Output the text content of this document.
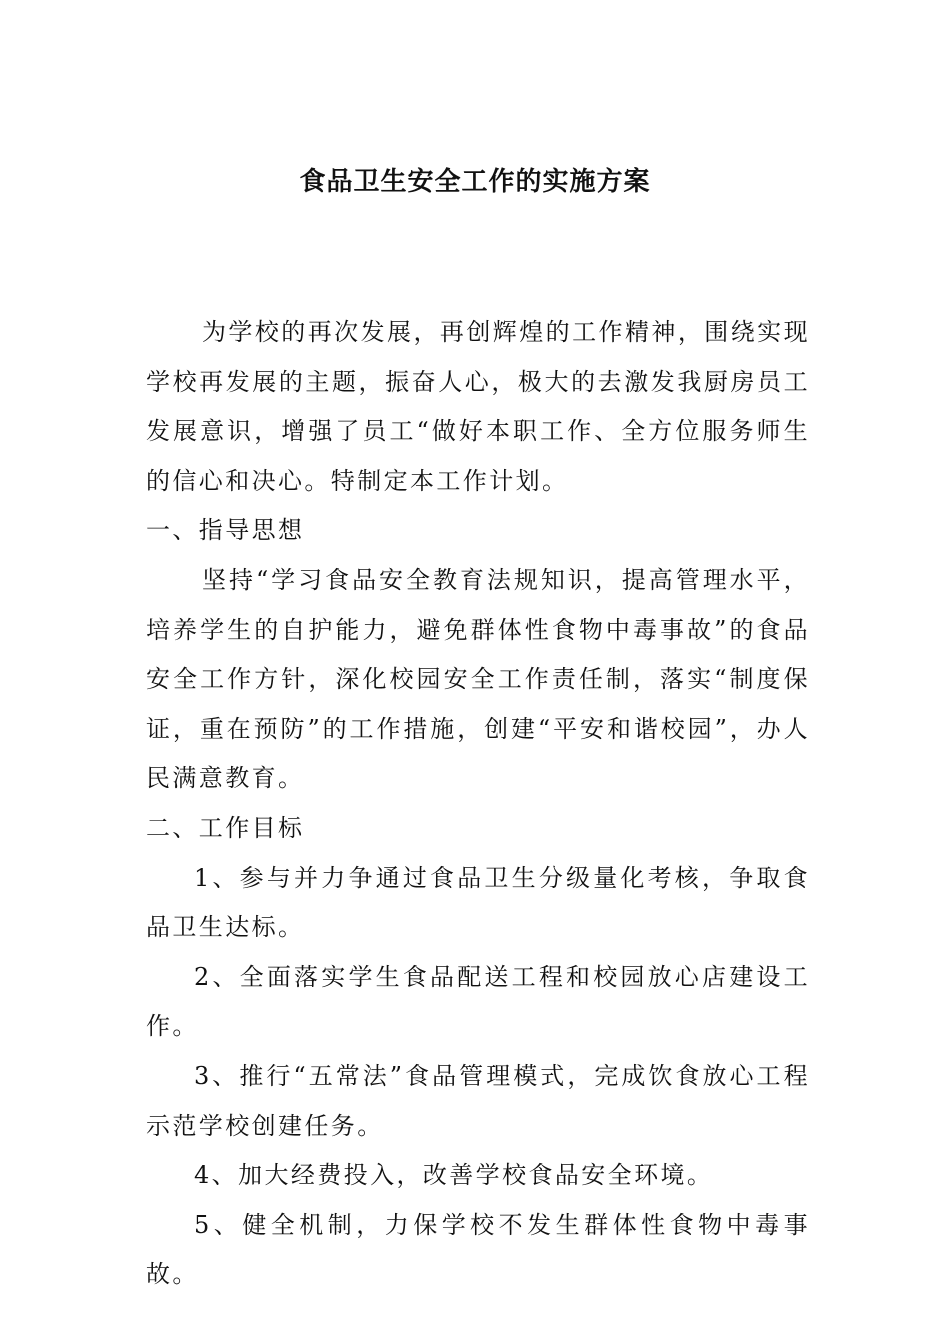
食品卫生安全工作的实施方案

为学校的再次发展，再创辉煌的工作精神，围绕实现学校再发展的主题，振奋人心，极大的去激发我厨房员工发展意识，增强了员工“做好本职工作、全方位服务师生的信心和决心。特制定本工作计划。

一、指导思想

坚持“学习食品安全教育法规知识，提高管理水平，培养学生的自护能力，避免群体性食物中毒事故”的食品安全工作方针，深化校园安全工作责任制，落实“制度保证，重在预防”的工作措施，创建“平安和谐校园”，办人民满意教育。

二、工作目标

1、参与并力争通过食品卫生分级量化考核，争取食品卫生达标。

2、全面落实学生食品配送工程和校园放心店建设工作。

3、推行“五常法”食品管理模式，完成饮食放心工程示范学校创建任务。

4、加大经费投入，改善学校食品安全环境。

5、健全机制，力保学校不发生群体性食物中毒事故。
